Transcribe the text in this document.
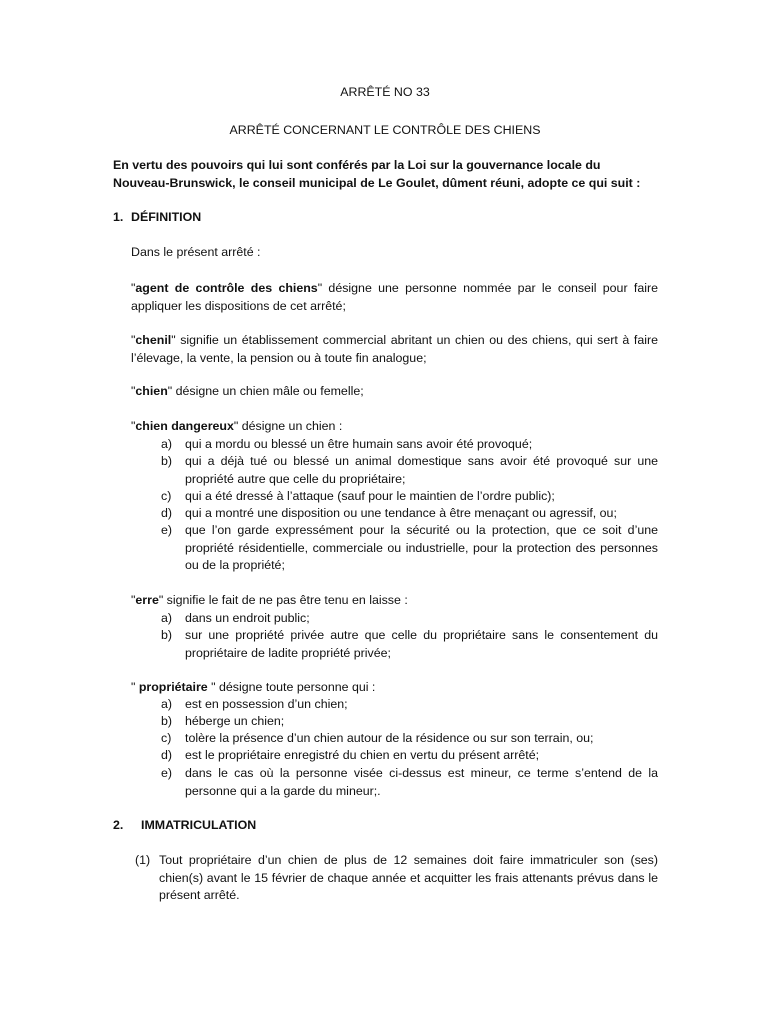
ARRÊTÉ NO 33
ARRÊTÉ CONCERNANT LE CONTRÔLE DES CHIENS
En vertu des pouvoirs qui lui sont conférés par la Loi sur la gouvernance locale du Nouveau-Brunswick, le conseil municipal de Le Goulet, dûment réuni, adopte ce qui suit :
1. DÉFINITION
Dans le présent arrêté :
"agent de contrôle des chiens" désigne une personne nommée par le conseil pour faire appliquer les dispositions de cet arrêté;
"chenil" signifie un établissement commercial abritant un chien ou des chiens, qui sert à faire l’élevage, la vente, la pension ou à toute fin analogue;
"chien" désigne un chien mâle ou femelle;
"chien dangereux" désigne un chien :
a) qui a mordu ou blessé un être humain sans avoir été provoqué;
b) qui a déjà tué ou blessé un animal domestique sans avoir été provoqué sur une propriété autre que celle du propriétaire;
c) qui a été dressé à l’attaque (sauf pour le maintien de l’ordre public);
d) qui a montré une disposition ou une tendance à être menaçant ou agressif, ou;
e) que l’on garde expressément pour la sécurité ou la protection, que ce soit d’une propriété résidentielle, commerciale ou industrielle, pour la protection des personnes ou de la propriété;
"erre" signifie le fait de ne pas être tenu en laisse :
a) dans un endroit public;
b) sur une propriété privée autre que celle du propriétaire sans le consentement du propriétaire de ladite propriété privée;
" propriétaire " désigne toute personne qui :
a) est en possession d’un chien;
b) héberge un chien;
c) tolère la présence d’un chien autour de la résidence ou sur son terrain, ou;
d) est le propriétaire enregistré du chien en vertu du présent arrêté;
e) dans le cas où la personne visée ci-dessus est mineur, ce terme s’entend de la personne qui a la garde du mineur;.
2. IMMATRICULATION
(1) Tout propriétaire d’un chien de plus de 12 semaines doit faire immatriculer son (ses) chien(s) avant le 15 février de chaque année et acquitter les frais attenants prévus dans le présent arrêté.
